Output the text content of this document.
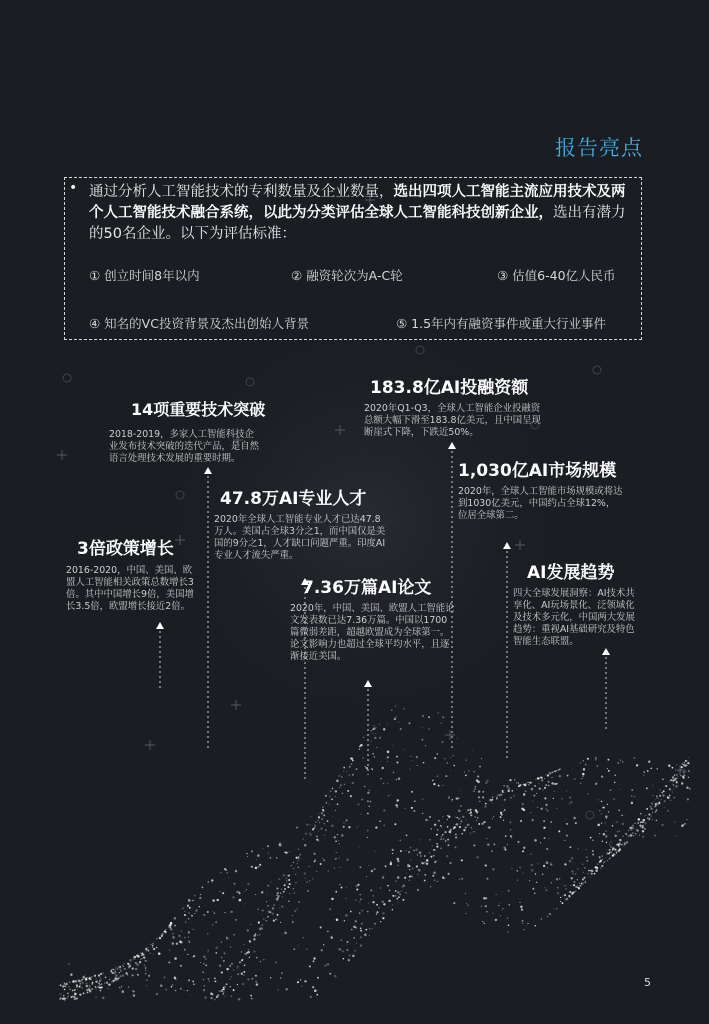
报告亮点
• 通过分析人工智能技术的专利数量及企业数量，选出四项人工智能主流应用技术及两个人工智能技术融合系统，以此为分类评估全球人工智能科技创新企业，选出有潜力的50名企业。以下为评估标准：
① 创立时间8年以内	② 融资轮次为A-C轮	③ 估值6-40亿人民币
④ 知名的VC投资背景及杰出创始人背景	⑤ 1.5年内有融资事件或重大行业事件
3倍政策增长
2016-2020，中国、美国、欧盟人工智能相关政策总数增长3倍。其中中国增长9倍，美国增长3.5倍，欧盟增长接近2倍。
14项重要技术突破
2018-2019，多家人工智能科技企业发布技术突破的迭代产品，是自然语言处理技术发展的重要时期。
47.8万AI专业人才
2020年全球人工智能专业人才已达47.8万人。美国占全球3分之1，而中国仅是美国的9分之1，人才缺口问题严重。印度AI专业人才流失严重。
7.36万篇AI论文
2020年，中国、美国、欧盟人工智能论文发表数已达7.36万篇。中国以1700篇微弱差距，超越欧盟成为全球第一。论文影响力也超过全球平均水平，且逐渐接近美国。
183.8亿AI投融资额
2020年Q1-Q3，全球人工智能企业投融资总额大幅下滑至183.8亿美元，且中国呈现断崖式下降，下跌近50%。
1,030亿AI市场规模
2020年，全球人工智能市场规模或将达到1030亿美元，中国约占全球12%，位居全球第二。
AI发展趋势
四大全球发展洞察：AI技术共享化、AI玩场景化、泛领域化及技术多元化，中国两大发展趋势：重视AI基础研究及特色智能生态联盟。
5
